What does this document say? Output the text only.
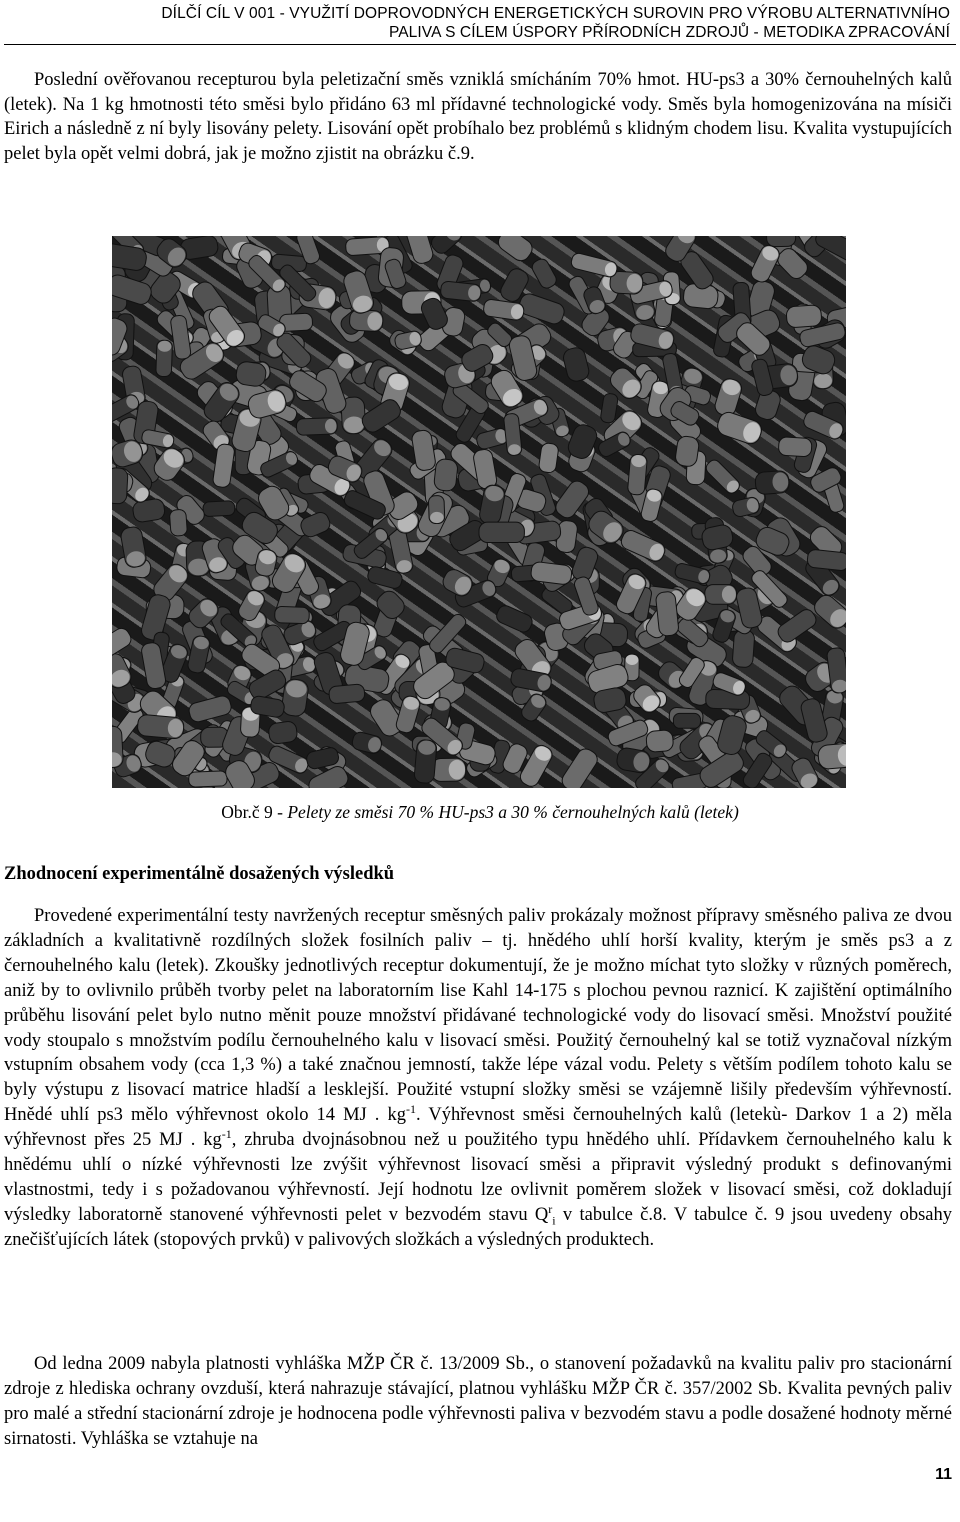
DÍLČÍ CÍL V 001 - VYUŽITÍ DOPROVODNÝCH ENERGETICKÝCH SUROVIN PRO VÝROBU ALTERNATIVNÍHO
PALIVA S CÍLEM ÚSPORY PŘÍRODNÍCH ZDROJŮ - METODIKA ZPRACOVÁNÍ

Poslední ověřovanou recepturou byla peletizační směs vzniklá smícháním 70% hmot. HU-ps3 a 30% černouhelných kalů (letek). Na 1 kg hmotnosti této směsi bylo přidáno 63 ml přídavné technologické vody. Směs byla homogenizována na mísiči Eirich a následně z ní byly lisovány pelety. Lisování opět probíhalo bez problémů s klidným chodem lisu. Kvalita vystupujících pelet byla opět velmi dobrá, jak je možno zjistit na obrázku č.9.

Obr.č 9 - Pelety ze směsi 70 % HU-ps3 a 30 % černouhelných kalů (letek)
Zhodnocení experimentálně dosažených výsledků

Provedené experimentální testy navržených receptur směsných paliv prokázaly možnost přípravy směsného paliva ze dvou základních a kvalitativně rozdílných složek fosilních paliv – tj. hnědého uhlí horší kvality, kterým je směs ps3 a z černouhelného kalu (letek). Zkoušky jednotlivých receptur dokumentují, že je možno míchat tyto složky v různých poměrech, aniž by to ovlivnilo průběh tvorby pelet na laboratorním lise Kahl 14-175 s plochou pevnou raznicí. K zajištění optimálního průběhu lisování pelet bylo nutno měnit pouze množství přidávané technologické vody do lisovací směsi. Množství použité vody stoupalo s množstvím podílu černouhelného kalu v lisovací směsi. Použitý černouhelný kal se totiž vyznačoval nízkým vstupním obsahem vody (cca 1,3 %) a také značnou jemností, takže lépe vázal vodu. Pelety s větším podílem tohoto kalu se byly výstupu z lisovací matrice hladší a lesklejší. Použité vstupní složky směsi se vzájemně lišily především výhřevností. Hnědé uhlí ps3 mělo výhřevnost okolo 14 MJ . $kg^{-1}$. Výhřevnost směsi černouhelných kalů (letekù- Darkov 1 a 2) měla výhřevnost přes 25 MJ . $kg^{-1}$, zhruba dvojnásobnou než u použitého typu hnědého uhlí. Přídavkem černouhelného kalu k hnědému uhlí o nízké výhřevnosti lze zvýšit výhřevnost lisovací směsi a připravit výsledný produkt s definovanými vlastnostmi, tedy i s požadovanou výhřevností. Její hodnotu lze ovlivnit poměrem složek v lisovací směsi, což dokladují výsledky laboratorně stanovené výhřevnosti pelet v bezvodém stavu $Q^r_i$ v tabulce č.8. V tabulce č. 9 jsou uvedeny obsahy znečišťujících látek (stopových prvků) v palivových složkách a výsledných produktech.

Od ledna 2009 nabyla platnosti vyhláška MŽP ČR č. 13/2009 Sb., o stanovení požadavků na kvalitu paliv pro stacionární zdroje z hlediska ochrany ovzduší, která nahrazuje stávající, platnou vyhlášku MŽP ČR č. 357/2002 Sb. Kvalita pevných paliv pro malé a střední stacionární zdroje je hodnocena podle výhřevnosti paliva v bezvodém stavu a podle dosažené hodnoty měrné sirnatosti. Vyhláška se vztahuje na

11
